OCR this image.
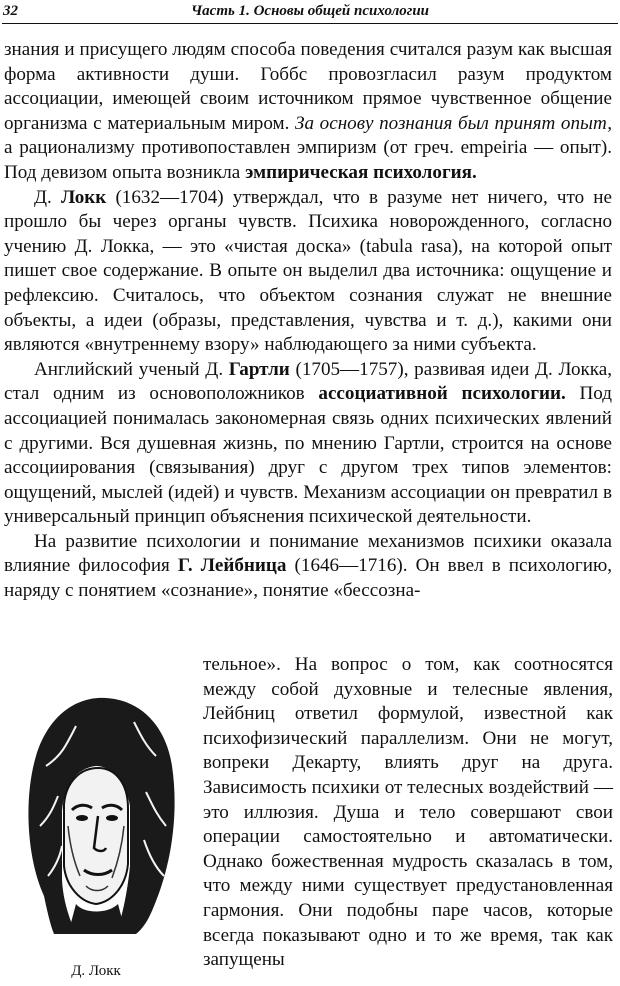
32	Часть 1. Основы общей психологии

знания и присущего людям способа поведения считался разум как высшая форма активности души. Гоббс провозгласил разум продуктом ассоциации, имеющей своим источником прямое чувственное общение организма с материальным миром. За основу познания был принят опыт, а рационализму противопоставлен эмпиризм (от греч. empeiria — опыт). Под девизом опыта возникла эмпирическая психология.

Д. Локк (1632—1704) утверждал, что в разуме нет ничего, что не прошло бы через органы чувств. Психика новорожденного, согласно учению Д. Локка, — это «чистая доска» (tabula rasa), на которой опыт пишет свое содержание. В опыте он выделил два источника: ощущение и рефлексию. Считалось, что объектом сознания служат не внешние объекты, а идеи (образы, представления, чувства и т. д.), какими они являются «внутреннему взору» наблюдающего за ними субъекта.

Английский ученый Д. Гартли (1705—1757), развивая идеи Д. Локка, стал одним из основоположников ассоциативной психологии. Под ассоциацией понималась закономерная связь одних психических явлений с другими. Вся душевная жизнь, по мнению Гартли, строится на основе ассоциирования (связывания) друг с другом трех типов элементов: ощущений, мыслей (идей) и чувств. Механизм ассоциации он превратил в универсальный принцип объяснения психической деятельности.

На развитие психологии и понимание механизмов психики оказала влияние философия Г. Лейбница (1646—1716). Он ввел в психологию, наряду с понятием «сознание», понятие «бессозна-

тельное». На вопрос о том, как соотносятся между собой духовные и телесные явления, Лейбниц ответил формулой, известной как психофизический параллелизм. Они не могут, вопреки Декарту, влиять друг на друга. Зависимость психики от телесных воздействий — это иллюзия. Душа и тело совершают свои операции самостоятельно и автоматически. Однако божественная мудрость сказалась в том, что между ними существует предустановленная гармония. Они подобны паре часов, которые всегда показывают одно и то же время, так как запущены

Д. Локк
